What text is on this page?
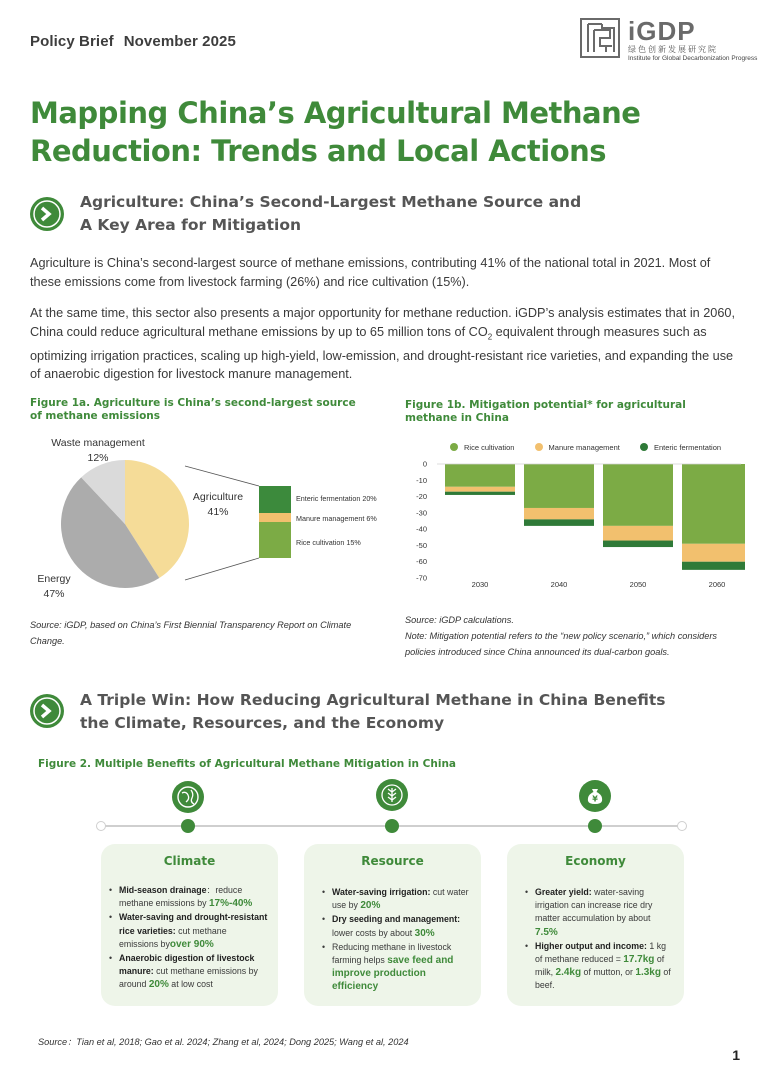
Policy Brief November 2025	iGDP
绿色创新发展研究院
Institute for Global Decarbonization Progress
Mapping China’s Agricultural Methane Reduction: Trends and Local Actions
Agriculture: China’s Second-Largest Methane Source and
A Key Area for Mitigation
Agriculture is China’s second-largest source of methane emissions, contributing 41% of the national total in 2021. Most of these emissions come from livestock farming (26%) and rice cultivation (15%).
At the same time, this sector also presents a major opportunity for methane reduction. iGDP’s analysis estimates that in 2060, China could reduce agricultural methane emissions by up to 65 million tons of $CO_2$ equivalent through measures such as optimizing irrigation practices, scaling up high-yield, low-emission, and drought-resistant rice varieties, and expanding the use of anaerobic digestion for livestock manure management.
Figure 1a. Agriculture is China’s second-largest source of methane emissions
Waste management
12%
Agriculture
41%
Energy
47%
Enteric fermentation 20%
Manure management 6%
Rice cultivation 15%
Source: iGDP, based on China’s First Biennial Transparency Report on Climate Change.
Figure 1b. Mitigation potential* for agricultural methane in China
Rice cultivation	Manure management	Enteric fermentation
0
-10
-20
-30
-40
-50
-60
-70
2030	2040	2050	2060
Source: iGDP calculations.
Note: Mitigation potential refers to the “new policy scenario,” which considers policies introduced since China announced its dual-carbon goals.
A Triple Win: How Reducing Agricultural Methane in China Benefits
the Climate, Resources, and the Economy
Figure 2. Multiple Benefits of Agricultural Methane Mitigation in China
¥
Climate
• Mid-season drainage：reduce methane emissions by 17%-40%
• Water-saving and drought-resistant rice varieties: cut methane emissions byover 90%
• Anaerobic digestion of livestock manure: cut methane emissions by around 20% at low cost
Resource
• Water-saving irrigation: cut water use by 20%
• Dry seeding and management: lower costs by about 30%
• Reducing methane in livestock farming helps save feed and improve production efficiency
Economy
• Greater yield: water-saving irrigation can increase rice dry matter accumulation by about 7.5%
• Higher output and income: 1 kg of methane reduced = 17.7kg of milk, 2.4kg of mutton, or 1.3kg of beef.
Source：Tian et al, 2018; Gao et al. 2024; Zhang et al, 2024; Dong 2025; Wang et al, 2024
1
